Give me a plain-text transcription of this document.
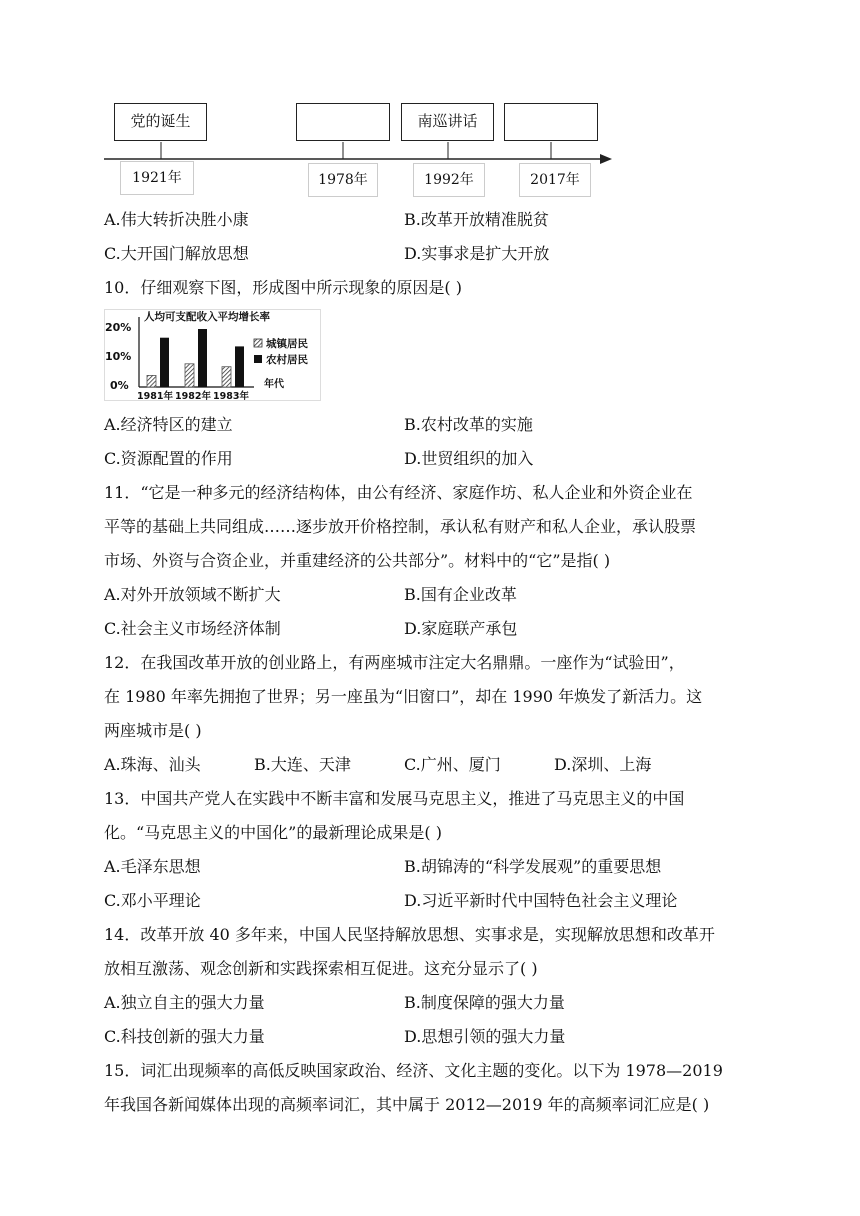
党的诞生	南巡讲话
1921年	1978年	1992年	2017年
A.伟大转折决胜小康	B.改革开放精准脱贫
C.大开国门解放思想	D.实事求是扩大开放
10．仔细观察下图，形成图中所示现象的原因是( )
人均可支配收入平均增长率
20%
10%
0%
1981年 1982年 1983年
年代
城镇居民
农村居民
A.经济特区的建立	B.农村改革的实施
C.资源配置的作用	D.世贸组织的加入
11．“它是一种多元的经济结构体，由公有经济、家庭作坊、私人企业和外资企业在
平等的基础上共同组成……逐步放开价格控制，承认私有财产和私人企业，承认股票
市场、外资与合资企业，并重建经济的公共部分”。材料中的“它”是指( )
A.对外开放领域不断扩大	B.国有企业改革
C.社会主义市场经济体制	D.家庭联产承包
12．在我国改革开放的创业路上，有两座城市注定大名鼎鼎。一座作为“试验田”，
在 1980 年率先拥抱了世界；另一座虽为“旧窗口”，却在 1990 年焕发了新活力。这
两座城市是( )
A.珠海、汕头	B.大连、天津	C.广州、厦门	D.深圳、上海
13．中国共产党人在实践中不断丰富和发展马克思主义，推进了马克思主义的中国
化。“马克思主义的中国化”的最新理论成果是( )
A.毛泽东思想	B.胡锦涛的“科学发展观”的重要思想
C.邓小平理论	D.习近平新时代中国特色社会主义理论
14．改革开放 40 多年来，中国人民坚持解放思想、实事求是，实现解放思想和改革开
放相互激荡、观念创新和实践探索相互促进。这充分显示了( )
A.独立自主的强大力量	B.制度保障的强大力量
C.科技创新的强大力量	D.思想引领的强大力量
15．词汇出现频率的高低反映国家政治、经济、文化主题的变化。以下为 1978—2019
年我国各新闻媒体出现的高频率词汇，其中属于 2012—2019 年的高频率词汇应是( )
